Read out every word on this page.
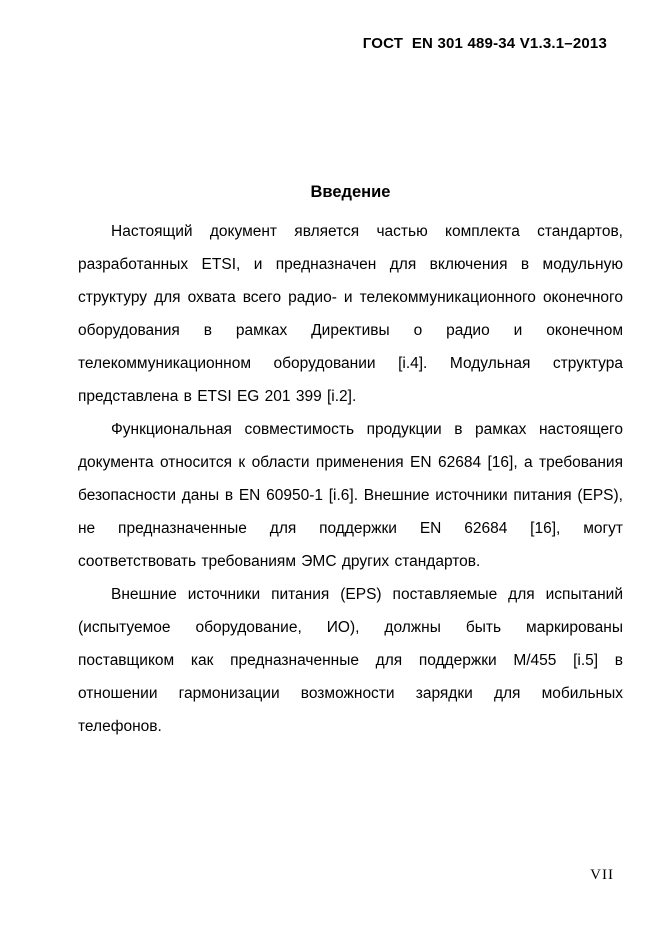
ГОСТ  EN 301 489-34 V1.3.1–2013
Введение

Настоящий документ является частью комплекта стандартов, разработанных ETSI, и предназначен для включения в модульную структуру для охвата всего радио- и телекоммуникационного оконечного оборудования в рамках Директивы о радио и оконечном телекоммуникационном оборудовании [i.4]. Модульная структура представлена в ETSI EG 201 399 [i.2].

Функциональная совместимость продукции в рамках настоящего документа относится к области применения EN 62684 [16], а требования безопасности даны в EN 60950-1 [i.6]. Внешние источники питания (EPS), не предназначенные для поддержки EN 62684 [16], могут соответствовать требованиям ЭМС других стандартов.

Внешние источники питания (EPS) поставляемые для испытаний (испытуемое оборудование, ИО), должны быть маркированы поставщиком как предназначенные для поддержки M/455 [i.5] в отношении гармонизации возможности зарядки для мобильных телефонов.

VII
